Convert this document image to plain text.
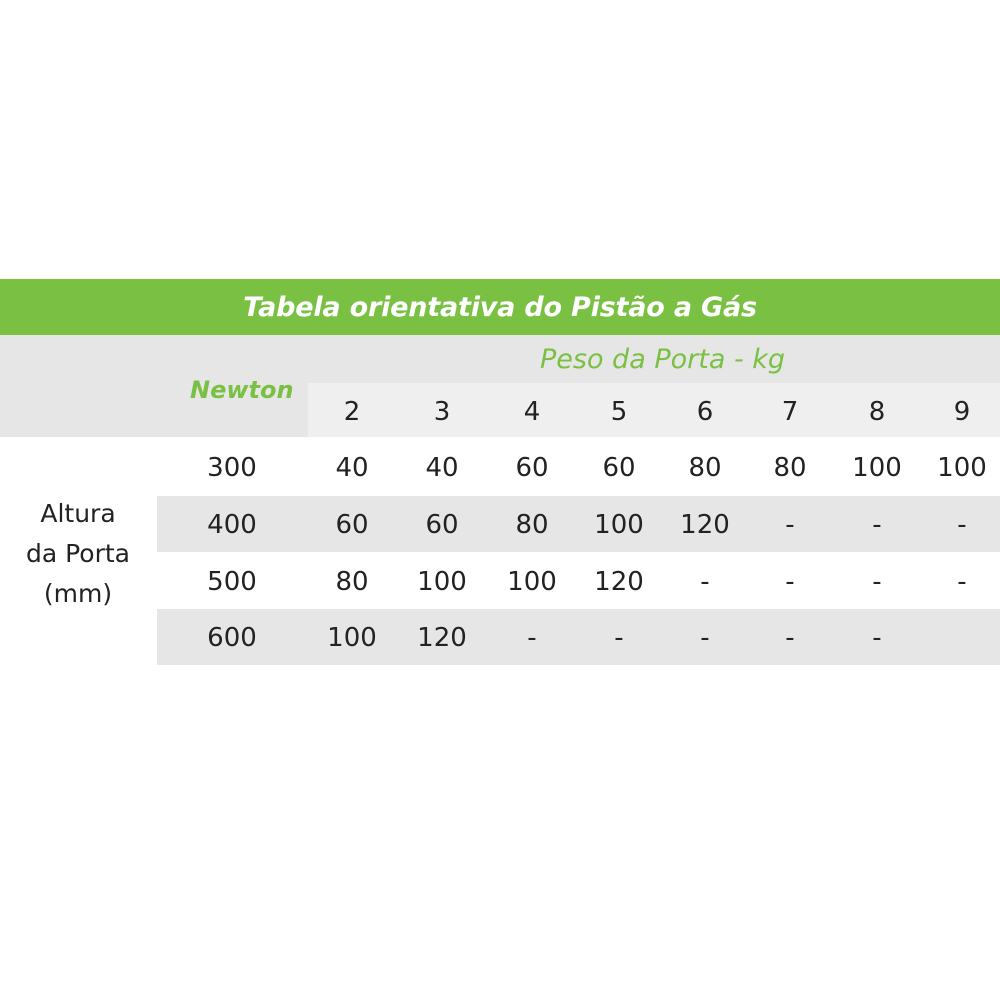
Tabela orientativa do Pistão a Gás
Peso da Porta - kg
Newton
2	3	4	5	6	7	8	9
Altura
da Porta
(mm)
300	40	40	60	60	80	80	100	100
400	60	60	80	100	120	-	-	-
500	80	100	100	120	-	-	-	-
600	100	120	-	-	-	-	-
